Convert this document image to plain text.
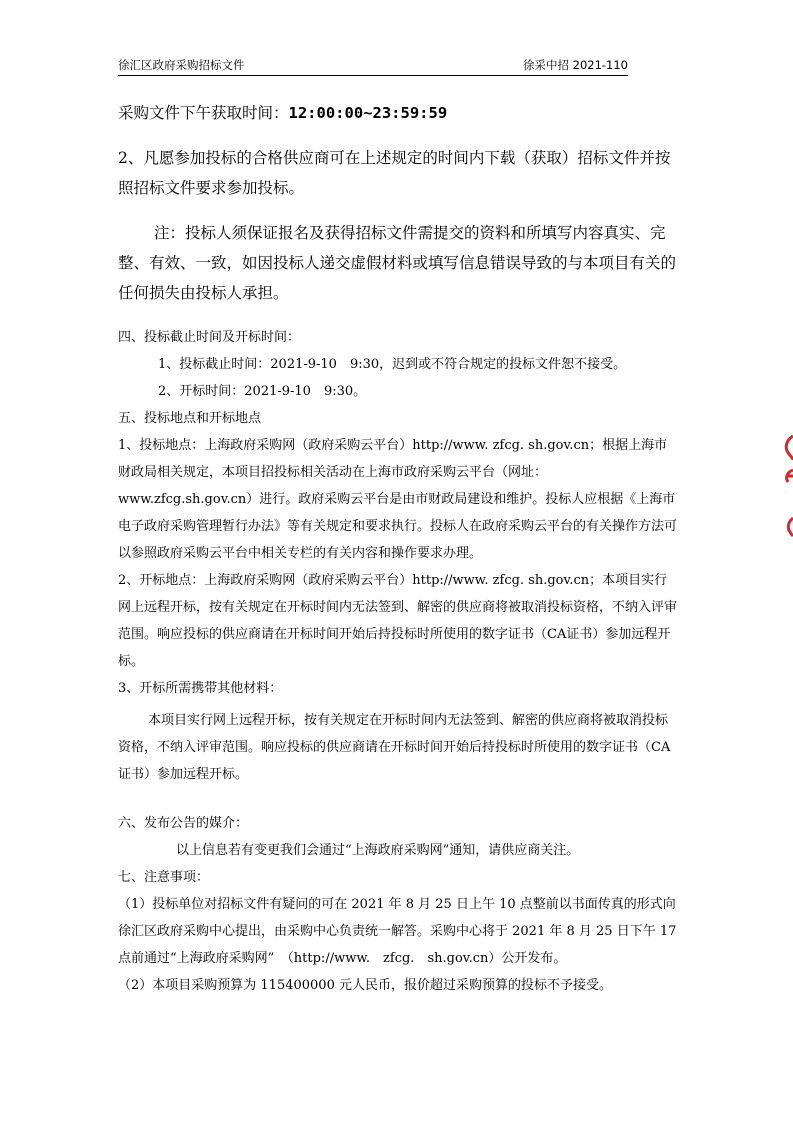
徐汇区政府采购招标文件	徐采中招 2021-110

采购文件下午获取时间：12:00:00~23:59:59

2、凡愿参加投标的合格供应商可在上述规定的时间内下载（获取）招标文件并按照招标文件要求参加投标。

注：投标人须保证报名及获得招标文件需提交的资料和所填写内容真实、完整、有效、一致，如因投标人递交虚假材料或填写信息错误导致的与本项目有关的任何损失由投标人承担。

四、投标截止时间及开标时间：

1、投标截止时间：2021-9-10　9:30，迟到或不符合规定的投标文件恕不接受。

2、开标时间：2021-9-10　9:30。

五、投标地点和开标地点

1、投标地点：上海政府采购网（政府采购云平台）http://www. zfcg. sh.gov.cn；根据上海市财政局相关规定，本项目招投标相关活动在上海市政府采购云平台（网址：www.zfcg.sh.gov.cn）进行。政府采购云平台是由市财政局建设和维护。投标人应根据《上海市电子政府采购管理暂行办法》等有关规定和要求执行。投标人在政府采购云平台的有关操作方法可以参照政府采购云平台中相关专栏的有关内容和操作要求办理。

2、开标地点：上海政府采购网（政府采购云平台）http://www. zfcg. sh.gov.cn；本项目实行网上远程开标，按有关规定在开标时间内无法签到、解密的供应商将被取消投标资格，不纳入评审范围。响应投标的供应商请在开标时间开始后持投标时所使用的数字证书（CA证书）参加远程开标。

3、开标所需携带其他材料：

本项目实行网上远程开标，按有关规定在开标时间内无法签到、解密的供应商将被取消投标资格，不纳入评审范围。响应投标的供应商请在开标时间开始后持投标时所使用的数字证书（CA证书）参加远程开标。

六、发布公告的媒介：

以上信息若有变更我们会通过“上海政府采购网”通知，请供应商关注。

七、注意事项：

（1）投标单位对招标文件有疑问的可在 2021 年 8 月 25 日上午 10 点整前以书面传真的形式向徐汇区政府采购中心提出，由采购中心负责统一解答。采购中心将于 2021 年 8 月 25 日下午 17 点前通过“上海政府采购网”　（http://www.　zfcg.　sh.gov.cn）公开发布。

（2）本项目采购预算为 115400000 元人民币，报价超过采购预算的投标不予接受。
